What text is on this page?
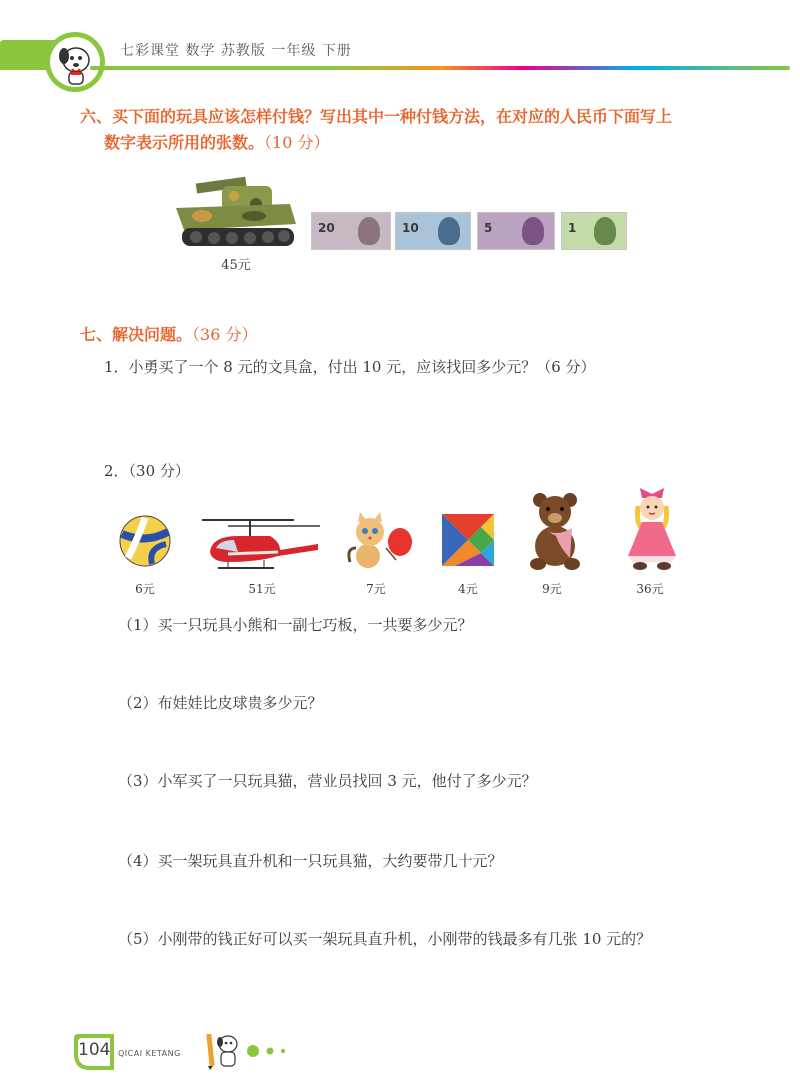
七彩课堂 数学 苏教版 一年级 下册
六、买下面的玩具应该怎样付钱？写出其中一种付钱方法，在对应的人民币下面写上
数字表示所用的张数。（10 分）
45元
20	10	5	1
七、解决问题。（36 分）
1．小勇买了一个 8 元的文具盒，付出 10 元，应该找回多少元？（6 分）
2．（30 分）
6元	51元	7元	4元	9元	36元
（1）买一只玩具小熊和一副七巧板，一共要多少元？
（2）布娃娃比皮球贵多少元？
（3）小军买了一只玩具猫，营业员找回 3 元，他付了多少元？
（4）买一架玩具直升机和一只玩具猫，大约要带几十元？
（5）小刚带的钱正好可以买一架玩具直升机，小刚带的钱最多有几张 10 元的？
104 QICAI KETANG
